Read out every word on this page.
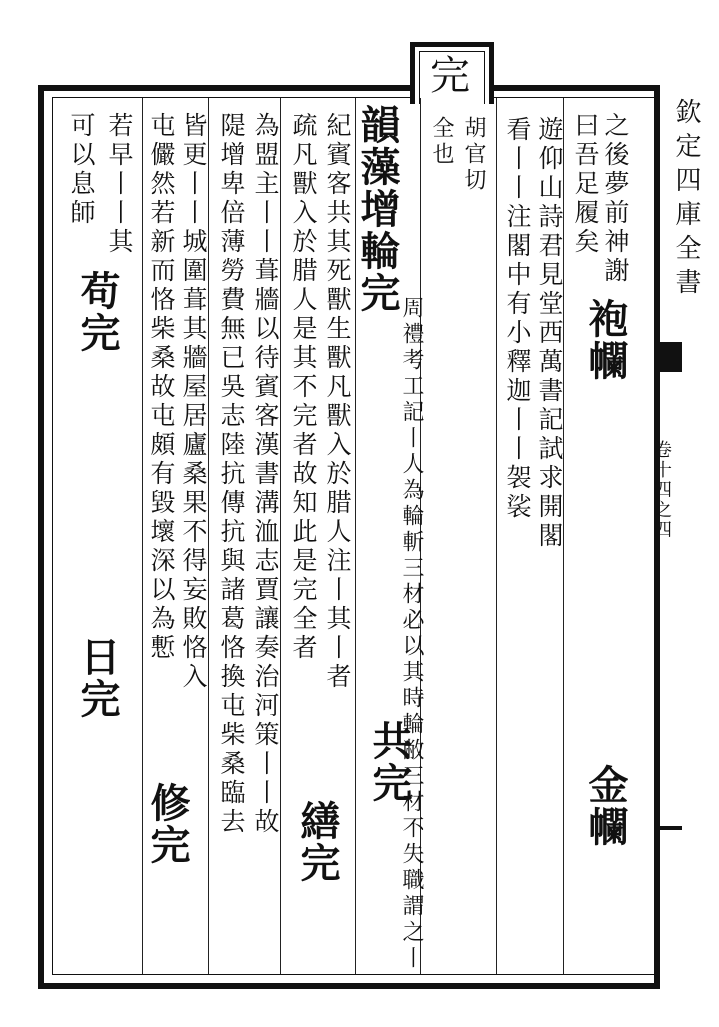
完
欽定四庫全書
卷十四之四
之後夢前神謝
曰吾足履矣
遊仰山詩君見堂西萬書記試求開閣
看丨丨注閣中有小釋迦丨丨袈裟
胡官切
全也
韻藻增輪完
周禮考工記丨人為輪斬三材必以其時輪敝三材不失職謂之丨
紀賓客共其死獸生獸凡獸入於腊人注丨其丨者
疏凡獸入於腊人是其不完者故知此是完全者
為盟主丨丨葺牆以待賓客漢書溝洫志賈讓奏治河策丨丨故
隄增卑倍薄勞費無已吳志陸抗傳抗與諸葛恪換屯柴桑臨去
皆更丨丨城圍葺其牆屋居廬桑果不得妄敗恪入
屯儼然若新而恪柴桑故屯頗有毀壞深以為慙
若早丨丨其
可以息師
袍幱
金幱
共完
繕完
修完
苟完
日完
